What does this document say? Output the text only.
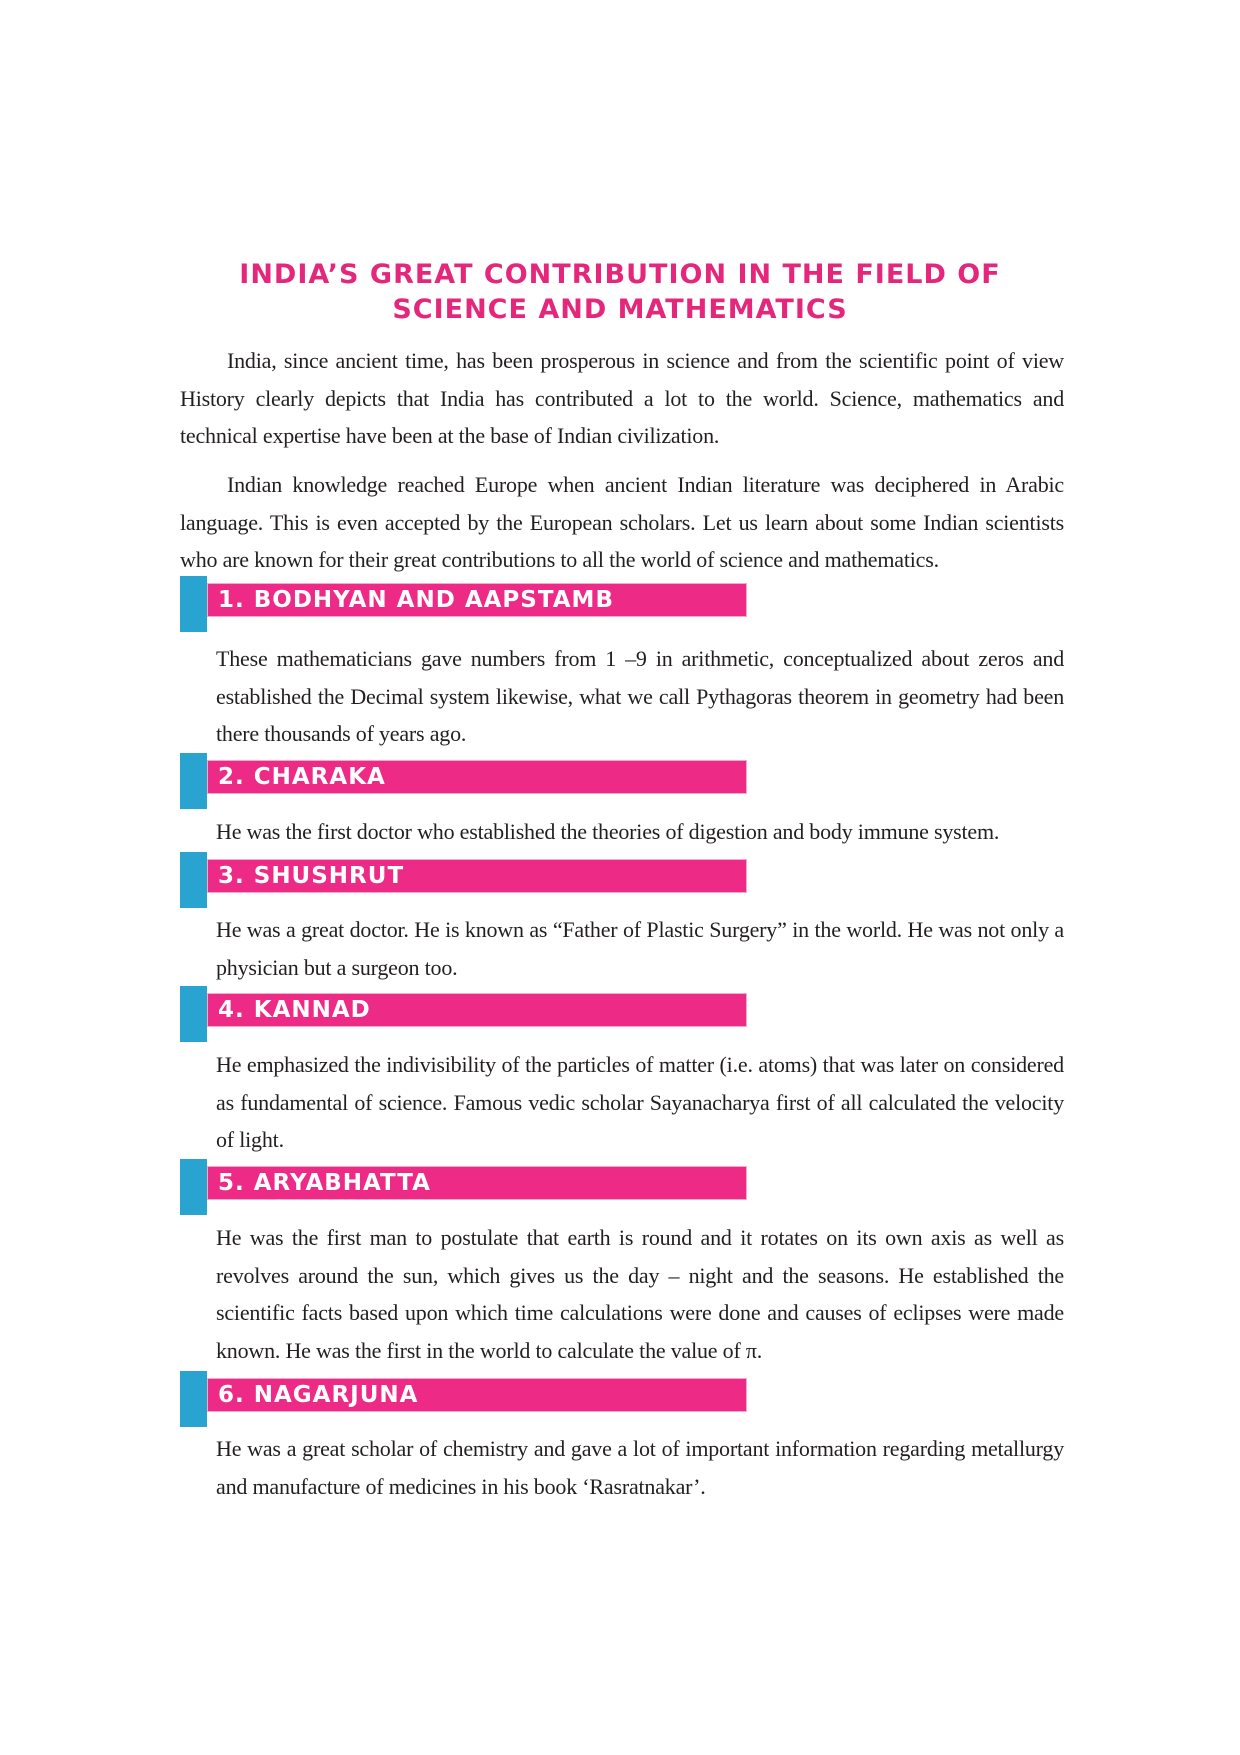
INDIA’S GREAT CONTRIBUTION IN THE FIELD OF
SCIENCE AND MATHEMATICS

India, since ancient time, has been prosperous in science and from the scientific point of view History clearly depicts that India has contributed a lot to the world. Science, mathematics and technical expertise have been at the base of Indian civilization.

Indian knowledge reached Europe when ancient Indian literature was deciphered in Arabic language. This is even accepted by the European scholars. Let us learn about some Indian scientists who are known for their great contributions to all the world of science and mathematics.

1. BODHYAN AND AAPSTAMB

These mathematicians gave numbers from 1 –9 in arithmetic, conceptualized about zeros and established the Decimal system likewise, what we call Pythagoras theorem in geometry had been there thousands of years ago.

2. CHARAKA

He was the first doctor who established the theories of digestion and body immune system.

3. SHUSHRUT

He was a great doctor. He is known as “Father of Plastic Surgery” in the world. He was not only a physician but a surgeon too.

4. KANNAD

He emphasized the indivisibility of the particles of matter (i.e. atoms) that was later on considered as fundamental of science. Famous vedic scholar Sayanacharya first of all calculated the velocity of light.

5. ARYABHATTA

He was the first man to postulate that earth is round and it rotates on its own axis as well as revolves around the sun, which gives us the day – night and the seasons. He established the scientific facts based upon which time calculations were done and causes of eclipses were made known. He was the first in the world to calculate the value of π.

6. NAGARJUNA

He was a great scholar of chemistry and gave a lot of important information regarding metallurgy and manufacture of medicines in his book ‘Rasratnakar’.
